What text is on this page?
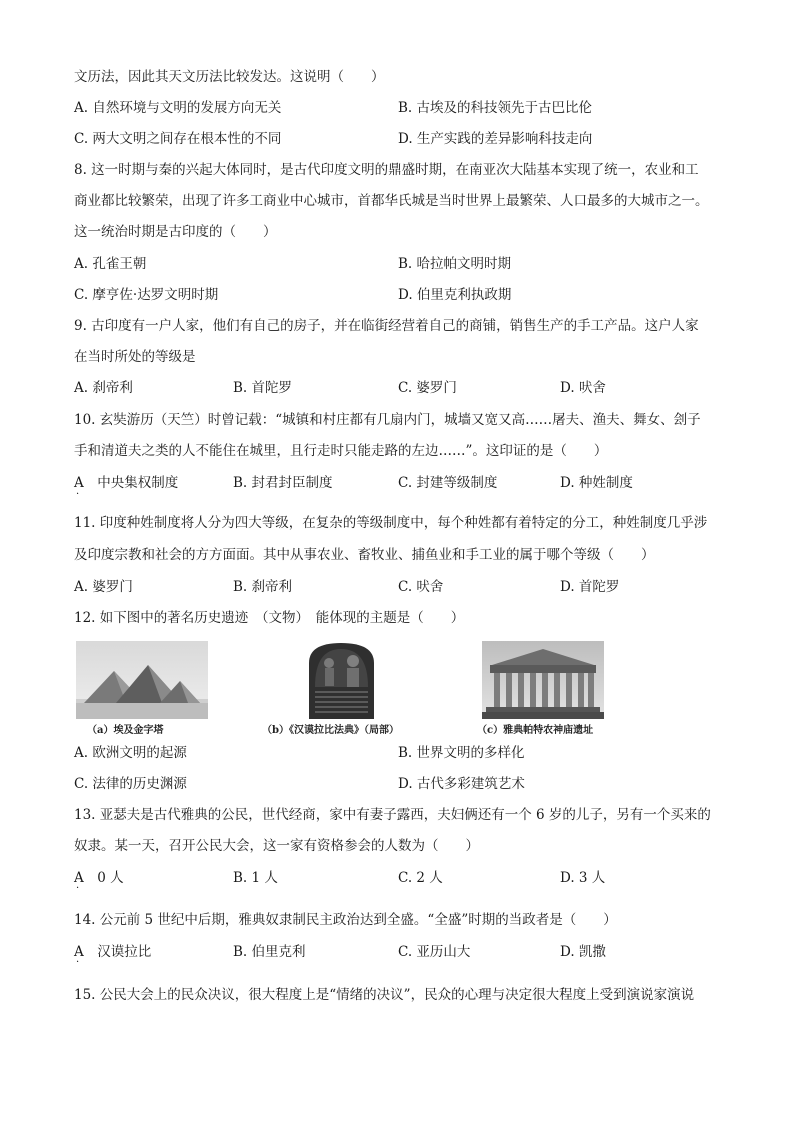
文历法，因此其天文历法比较发达。这说明（　　）
A. 自然环境与文明的发展方向无关	B. 古埃及的科技领先于古巴比伦
C. 两大文明之间存在根本性的不同	D. 生产实践的差异影响科技走向
8. 这一时期与秦的兴起大体同时，是古代印度文明的鼎盛时期，在南亚次大陆基本实现了统一，农业和工
商业都比较繁荣，出现了许多工商业中心城市，首都华氏城是当时世界上最繁荣、人口最多的大城市之一。
这一统治时期是古印度的（　　）
A. 孔雀王朝	B. 哈拉帕文明时期
C. 摩亨佐·达罗文明时期	D. 伯里克利执政期
9. 古印度有一户人家，他们有自己的房子，并在临街经营着自己的商铺，销售生产的手工产品。这户人家
在当时所处的等级是
A. 刹帝利	B. 首陀罗	C. 婆罗门	D. 吠舍
10. 玄奘游历（天竺）时曾记载：“城镇和村庄都有几扇内门，城墙又宽又高……屠夫、渔夫、舞女、刽子
手和清道夫之类的人不能住在城里，且行走时只能走路的左边……”。这印证的是（　　）
A　中央集权制度
·
B. 封君封臣制度	C. 封建等级制度	D. 种姓制度
11. 印度种姓制度将人分为四大等级，在复杂的等级制度中，每个种姓都有着特定的分工，种姓制度几乎涉
及印度宗教和社会的方方面面。其中从事农业、畜牧业、捕鱼业和手工业的属于哪个等级（　　）
A. 婆罗门	B. 刹帝利	C. 吠舍	D. 首陀罗
12. 如下图中的著名历史遗迹　（文物）　能体现的主题是（　　）
（a）埃及金字塔	（b）《汉谟拉比法典》（局部）	（c）雅典帕特农神庙遗址
A. 欧洲文明的起源	B. 世界文明的多样化
C. 法律的历史渊源	D. 古代多彩建筑艺术
13. 亚瑟夫是古代雅典的公民，世代经商，家中有妻子露西，夫妇俩还有一个 6 岁的儿子，另有一个买来的
奴隶。某一天，召开公民大会，这一家有资格参会的人数为（　　）
A　0 人
·
B. 1 人	C. 2 人	D. 3 人
14. 公元前 5 世纪中后期，雅典奴隶制民主政治达到全盛。“全盛”时期的当政者是（　　）
A　汉谟拉比
·
B. 伯里克利	C. 亚历山大	D. 凯撒
15. 公民大会上的民众决议，很大程度上是“情绪的决议”，民众的心理与决定很大程度上受到演说家演说
